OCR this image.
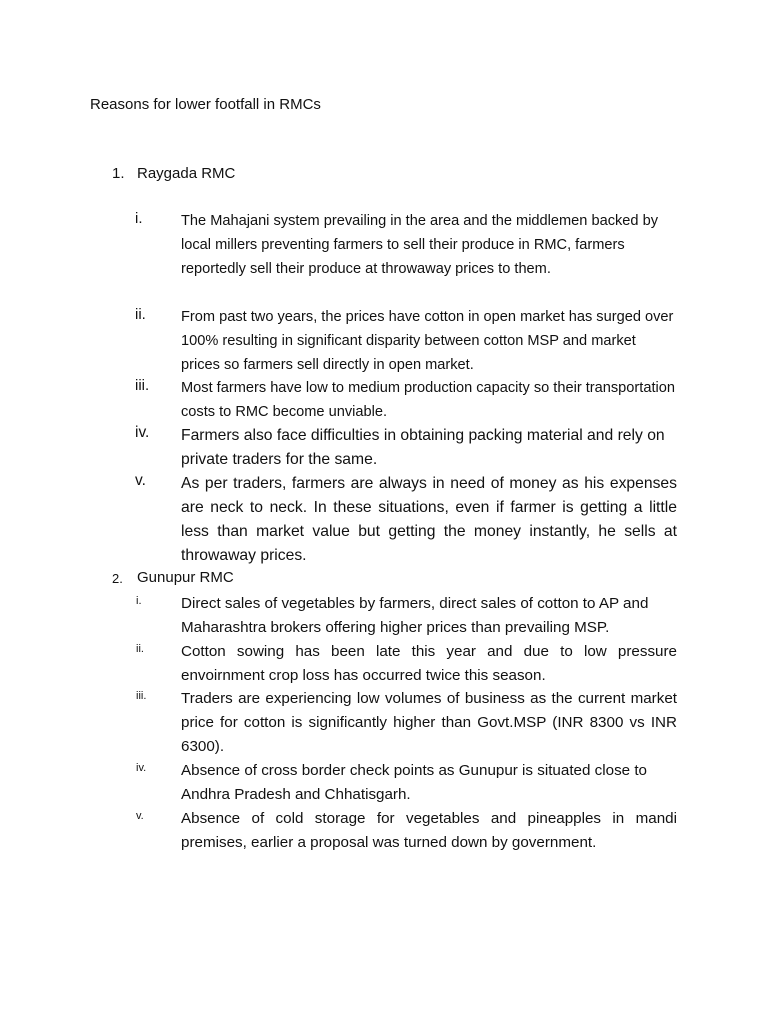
Reasons for lower footfall in RMCs
1. Raygada RMC
i.	The Mahajani system prevailing in the area and the middlemen backed by local millers preventing farmers to sell their produce in RMC, farmers reportedly sell their produce at throwaway prices to them.
ii. From past two years, the prices have cotton in open market has surged over 100% resulting in significant disparity between cotton MSP and market prices so farmers sell directly in open market.
iii. Most farmers have low to medium production capacity so their transportation costs to RMC become unviable.
iv. Farmers also face difficulties in obtaining packing material and rely on private traders for the same.
v. As per traders, farmers are always in need of money as his expenses are neck to neck. In these situations, even if farmer is getting a little less than market value but getting the money instantly, he sells at throwaway prices.
2. Gunupur RMC
i.	Direct sales of vegetables by farmers, direct sales of cotton to AP and Maharashtra brokers offering higher prices than prevailing MSP.
ii. Cotton sowing has been late this year and due to low pressure envoirnment crop loss has occurred twice this season.
iii. Traders are experiencing low volumes of business as the current market price for cotton is significantly higher than Govt.MSP (INR 8300 vs INR 6300).
iv. Absence of cross border check points as Gunupur is situated close to Andhra Pradesh and Chhatisgarh.
v. Absence of cold storage for vegetables and pineapples in mandi premises, earlier a proposal was turned down by government.
